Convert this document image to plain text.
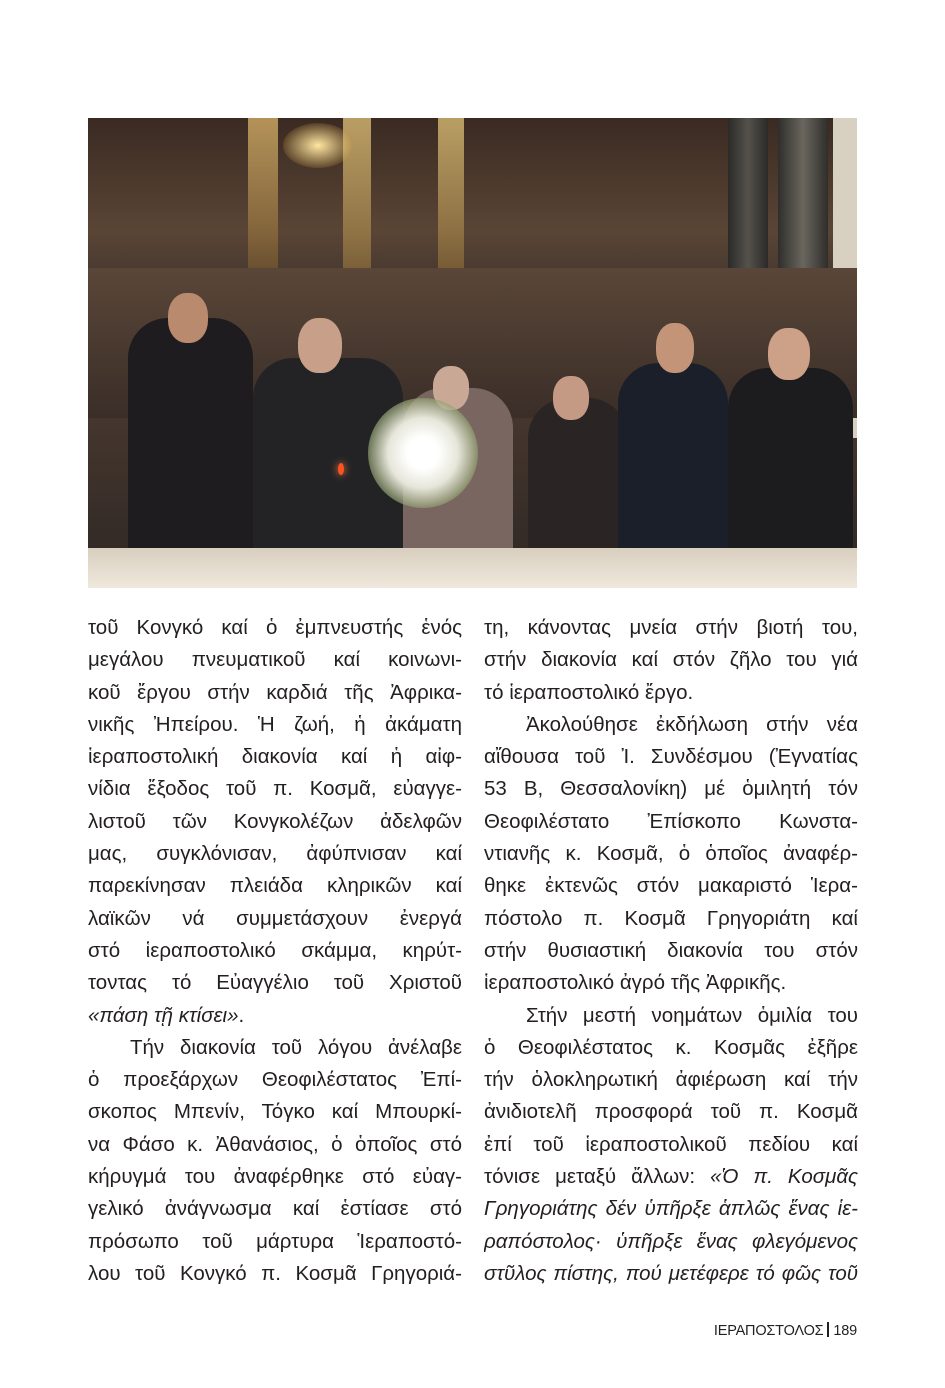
τοῦ Κονγκό καί ὁ ἐμπνευστής ἑνός
μεγάλου πνευματικοῦ καί κοινωνι-
κοῦ ἔργου στήν καρδιά τῆς Ἀφρικα-
νικῆς Ἠπείρου. Ἡ ζωή, ἡ ἀκάματη
ἱεραποστολική διακονία καί ἡ αἰφ-
νίδια ἔξοδος τοῦ π. Κοσμᾶ, εὐαγγε-
λιστοῦ τῶν Κονγκολέζων ἀδελφῶν
μας, συγκλόνισαν, ἀφύπνισαν καί
παρεκίνησαν πλειάδα κληρικῶν καί
λαϊκῶν νά συμμετάσχουν ἐνεργά
στό ἱεραποστολικό σκάμμα, κηρύτ-
τοντας τό Εὐαγγέλιο τοῦ Χριστοῦ
«πάση τῇ κτίσει».
Τήν διακονία τοῦ λόγου ἀνέλαβε
ὁ προεξάρχων Θεοφιλέστατος Ἐπί-
σκοπος Μπενίν, Τόγκο καί Μπουρκί-
να Φάσο κ. Ἀθανάσιος, ὁ ὁποῖος στό
κήρυγμά του ἀναφέρθηκε στό εὐαγ-
γελικό ἀνάγνωσμα καί ἑστίασε στό
πρόσωπο τοῦ μάρτυρα Ἱεραποστό-
λου τοῦ Κονγκό π. Κοσμᾶ Γρηγοριά-
τη, κάνοντας μνεία στήν βιοτή του,
στήν διακονία καί στόν ζῆλο του γιά
τό ἱεραποστολικό ἔργο.
Ἀκολούθησε ἐκδήλωση στήν νέα
αἴθουσα τοῦ Ἰ. Συνδέσμου (Ἐγνατίας
53 Β, Θεσσαλονίκη) μέ ὁμιλητή τόν
Θεοφιλέστατο Ἐπίσκοπο Κωνστα-
ντιανῆς κ. Κοσμᾶ, ὁ ὁποῖος ἀναφέρ-
θηκε ἐκτενῶς στόν μακαριστό Ἱερα-
πόστολο π. Κοσμᾶ Γρηγοριάτη καί
στήν θυσιαστική διακονία του στόν
ἱεραποστολικό ἀγρό τῆς Ἀφρικῆς.
Στήν μεστή νοημάτων ὁμιλία του
ὁ Θεοφιλέστατος κ. Κοσμᾶς ἐξῆρε
τήν ὁλοκληρωτική ἀφιέρωση καί τήν
ἀνιδιοτελῆ προσφορά τοῦ π. Κοσμᾶ
ἐπί τοῦ ἱεραποστολικοῦ πεδίου καί
τόνισε μεταξύ ἄλλων: «Ὁ π. Κοσμᾶς
Γρηγοριάτης δέν ὑπῆρξε ἁπλῶς ἕνας ἱε-
ραπόστολος· ὑπῆρξε ἕνας φλεγόμενος
στῦλος πίστης, πού μετέφερε τό φῶς τοῦ
ΙΕΡΑΠΟΣΤΟΛΟΣ 189
